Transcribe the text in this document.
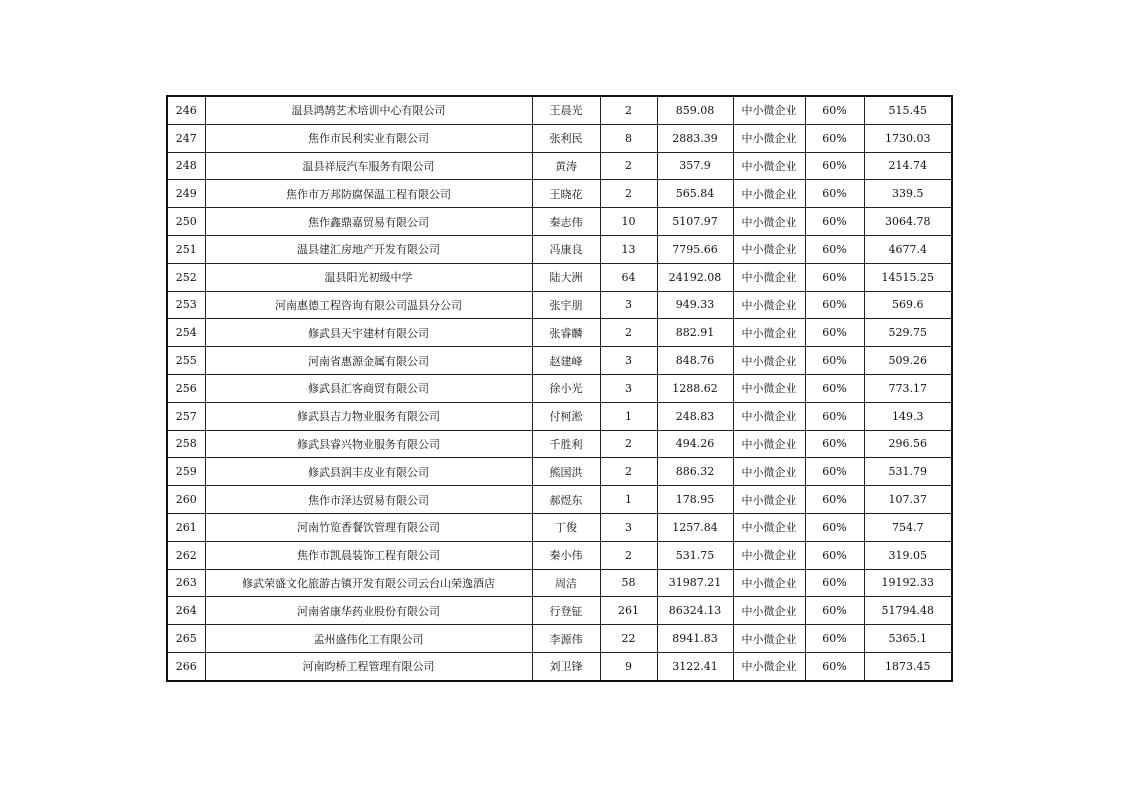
246	温县鸿鹄艺术培训中心有限公司	王晨光	2	859.08	中小微企业	60%	515.45
247	焦作市民利实业有限公司	张利民	8	2883.39	中小微企业	60%	1730.03
248	温县祥辰汽车服务有限公司	黄涛	2	357.9	中小微企业	60%	214.74
249	焦作市万邦防腐保温工程有限公司	王晓花	2	565.84	中小微企业	60%	339.5
250	焦作鑫鼎嘉贸易有限公司	秦志伟	10	5107.97	中小微企业	60%	3064.78
251	温县建汇房地产开发有限公司	冯康良	13	7795.66	中小微企业	60%	4677.4
252	温县阳光初级中学	陆大洲	64	24192.08	中小微企业	60%	14515.25
253	河南惠德工程咨询有限公司温县分公司	张宇朋	3	949.33	中小微企业	60%	569.6
254	修武县天宇建材有限公司	张睿麟	2	882.91	中小微企业	60%	529.75
255	河南省惠源金属有限公司	赵建峰	3	848.76	中小微企业	60%	509.26
256	修武县汇客商贸有限公司	徐小光	3	1288.62	中小微企业	60%	773.17
257	修武县吉力物业服务有限公司	付柯淞	1	248.83	中小微企业	60%	149.3
258	修武县睿兴物业服务有限公司	千胜利	2	494.26	中小微企业	60%	296.56
259	修武县润丰皮业有限公司	熊国洪	2	886.32	中小微企业	60%	531.79
260	焦作市泽达贸易有限公司	郝煜东	1	178.95	中小微企业	60%	107.37
261	河南竹览香餐饮管理有限公司	丁俊	3	1257.84	中小微企业	60%	754.7
262	焦作市凯晨装饰工程有限公司	秦小伟	2	531.75	中小微企业	60%	319.05
263	修武荣盛文化旅游古镇开发有限公司云台山荣逸酒店	周洁	58	31987.21	中小微企业	60%	19192.33
264	河南省康华药业股份有限公司	行登钲	261	86324.13	中小微企业	60%	51794.48
265	孟州盛伟化工有限公司	李源伟	22	8941.83	中小微企业	60%	5365.1
266	河南昀桥工程管理有限公司	刘卫锋	9	3122.41	中小微企业	60%	1873.45
